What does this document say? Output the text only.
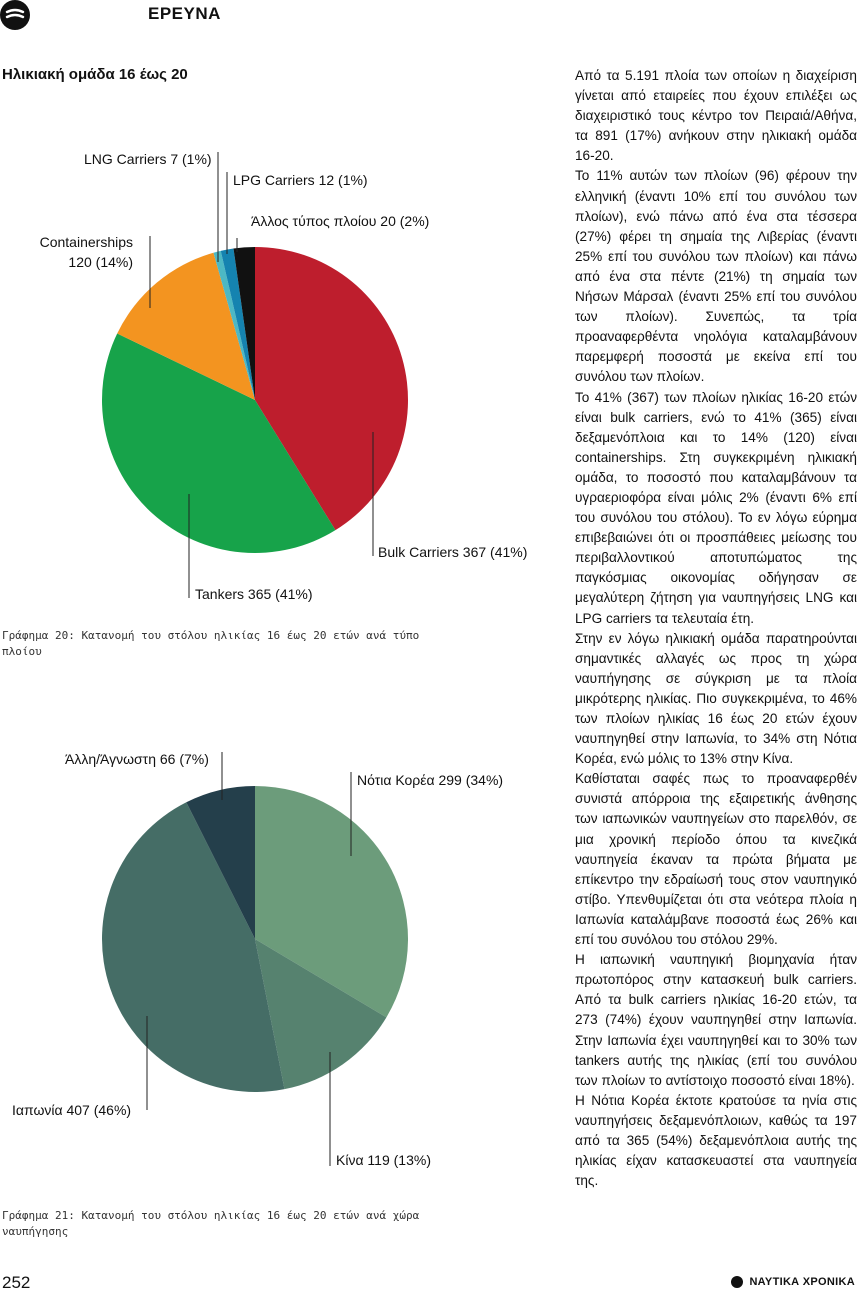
ΕΡΕΥΝΑ
Ηλικιακή ομάδα 16 έως 20
LNG Carriers 7 (1%)
LPG Carriers 12 (1%)
Άλλος τύπος πλοίου 20 (2%)
Containerships
120 (14%)
Bulk Carriers 367 (41%)
Tankers 365 (41%)
Γράφημα 20: Κατανομή του στόλου ηλικίας 16 έως 20 ετών ανά τύπο πλοίου
Άλλη/Άγνωστη 66 (7%)
Νότια Κορέα 299 (34%)
Ιαπωνία 407 (46%)
Κίνα 119 (13%)
Γράφημα 21: Κατανομή του στόλου ηλικίας 16 έως 20 ετών ανά χώρα ναυπήγησης

Από τα 5.191 πλοία των οποίων η διαχείριση γίνεται από εταιρείες που έχουν επιλέξει ως διαχειριστικό τους κέντρο τον Πειραιά/Αθήνα, τα 891 (17%) ανήκουν στην ηλικιακή ομάδα 16-20.

Το 11% αυτών των πλοίων (96) φέρουν την ελληνική (έναντι 10% επί του συνόλου των πλοίων), ενώ πάνω από ένα στα τέσσερα (27%) φέρει τη σημαία της Λιβερίας (έναντι 25% επί του συνόλου των πλοίων) και πάνω από ένα στα πέντε (21%) τη σημαία των Νήσων Μάρσαλ (έναντι 25% επί του συνόλου των πλοίων). Συνεπώς, τα τρία προαναφερθέντα νηολόγια καταλαμβάνουν παρεμφερή ποσοστά με εκείνα επί του συνόλου των πλοίων.

Το 41% (367) των πλοίων ηλικίας 16-20 ετών είναι bulk carriers, ενώ το 41% (365) είναι δεξαμενόπλοια και το 14% (120) είναι containerships. Στη συγκεκριμένη ηλικιακή ομάδα, το ποσοστό που καταλαμβάνουν τα υγραεριοφόρα είναι μόλις 2% (έναντι 6% επί του συνόλου του στόλου). Το εν λόγω εύρημα επιβεβαιώνει ότι οι προσπάθειες μείωσης του περιβαλλοντικού αποτυπώματος της παγκόσμιας οικονομίας οδήγησαν σε μεγαλύτερη ζήτηση για ναυπηγήσεις LNG και LPG carriers τα τελευταία έτη.

Στην εν λόγω ηλικιακή ομάδα παρατηρούνται σημαντικές αλλαγές ως προς τη χώρα ναυπήγησης σε σύγκριση με τα πλοία μικρότερης ηλικίας. Πιο συγκεκριμένα, το 46% των πλοίων ηλικίας 16 έως 20 ετών έχουν ναυπηγηθεί στην Ιαπωνία, το 34% στη Νότια Κορέα, ενώ μόλις το 13% στην Κίνα.

Καθίσταται σαφές πως το προαναφερθέν συνιστά απόρροια της εξαιρετικής άνθησης των ιαπωνικών ναυπηγείων στο παρελθόν, σε μια χρονική περίοδο όπου τα κινεζικά ναυπηγεία έκαναν τα πρώτα βήματα με επίκεντρο την εδραίωσή τους στον ναυπηγικό στίβο. Υπενθυμίζεται ότι στα νεότερα πλοία η Ιαπωνία καταλάμβανε ποσοστά έως 26% και επί του συνόλου του στόλου 29%.

Η ιαπωνική ναυπηγική βιομηχανία ήταν πρωτοπόρος στην κατασκευή bulk carriers. Από τα bulk carriers ηλικίας 16-20 ετών, τα 273 (74%) έχουν ναυπηγηθεί στην Ιαπωνία. Στην Ιαπωνία έχει ναυπηγηθεί και το 30% των tankers αυτής της ηλικίας (επί του συνόλου των πλοίων το αντίστοιχο ποσοστό είναι 18%).

Η Νότια Κορέα έκτοτε κρατούσε τα ηνία στις ναυπηγήσεις δεξαμενόπλοιων, καθώς τα 197 από τα 365 (54%) δεξαμενόπλοια αυτής της ηλικίας είχαν κατασκευαστεί στα ναυπηγεία της.

252	ΝΑΥΤΙΚΑ ΧΡΟΝΙΚΑ
